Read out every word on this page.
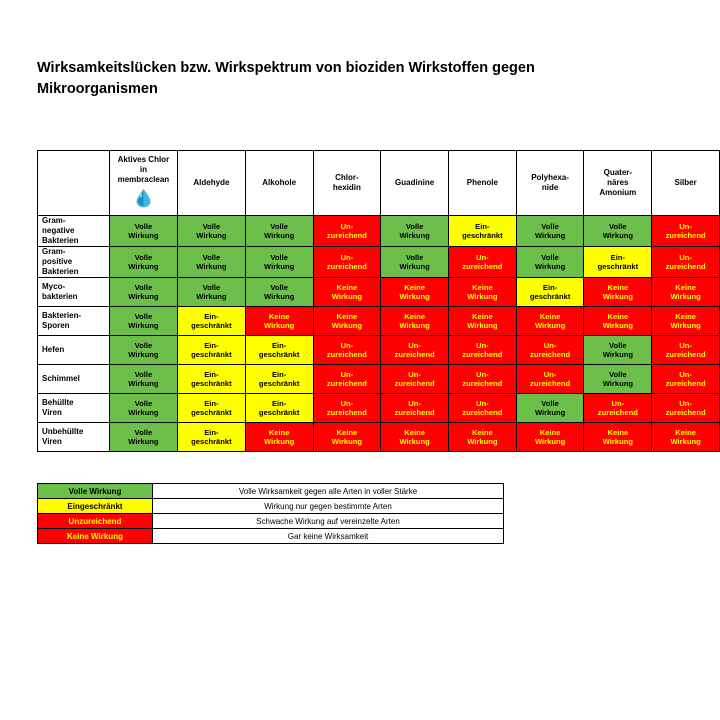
Wirksamkeitslücken bzw. Wirkspektrum von bioziden Wirkstoffen gegen Mikroorganismen

	Aktives Chlor
in
membraclean	Aldehyde	Alkohole	Chlor-
hexidin	Guadinine	Phenole	Polyhexa-
nide	Quater-
näres
Amonium	Silber

Gram-
negative
Bakterien	Volle
Wirkung	Volle
Wirkung	Volle
Wirkung	Un-
zureichend	Volle
Wirkung	Ein-
geschränkt	Volle
Wirkung	Volle
Wirkung	Un-
zureichend

Gram-
positive
Bakterien	Volle
Wirkung	Volle
Wirkung	Volle
Wirkung	Un-
zureichend	Volle
Wirkung	Un-
zureichend	Volle
Wirkung	Ein-
geschränkt	Un-
zureichend

Myco-
bakterien	Volle
Wirkung	Volle
Wirkung	Volle
Wirkung	Keine
Wirkung	Keine
Wirkung	Keine
Wirkung	Ein-
geschränkt	Keine
Wirkung	Keine
Wirkung

Bakterien-
Sporen	Volle
Wirkung	Ein-
geschränkt	Keine
Wirkung	Keine
Wirkung	Keine
Wirkung	Keine
Wirkung	Keine
Wirkung	Keine
Wirkung	Keine
Wirkung

Hefen	Volle
Wirkung	Ein-
geschränkt	Ein-
geschränkt	Un-
zureichend	Un-
zureichend	Un-
zureichend	Un-
zureichend	Volle
Wirkung	Un-
zureichend

Schimmel	Volle
Wirkung	Ein-
geschränkt	Ein-
geschränkt	Un-
zureichend	Un-
zureichend	Un-
zureichend	Un-
zureichend	Volle
Wirkung	Un-
zureichend

Behüllte
Viren	Volle
Wirkung	Ein-
geschränkt	Ein-
geschränkt	Un-
zureichend	Un-
zureichend	Un-
zureichend	Volle
Wirkung	Un-
zureichend	Un-
zureichend

Unbehüllte
Viren	Volle
Wirkung	Ein-
geschränkt	Keine
Wirkung	Keine
Wirkung	Keine
Wirkung	Keine
Wirkung	Keine
Wirkung	Keine
Wirkung	Keine
Wirkung
Volle Wirkung	Volle Wirksamkeit gegen alle Arten in voller Stärke
Eingeschränkt	Wirkung nur gegen bestimmte Arten
Unzureichend	Schwache Wirkung auf vereinzelte Arten
Keine Wirkung	Gar keine Wirksamkeit
